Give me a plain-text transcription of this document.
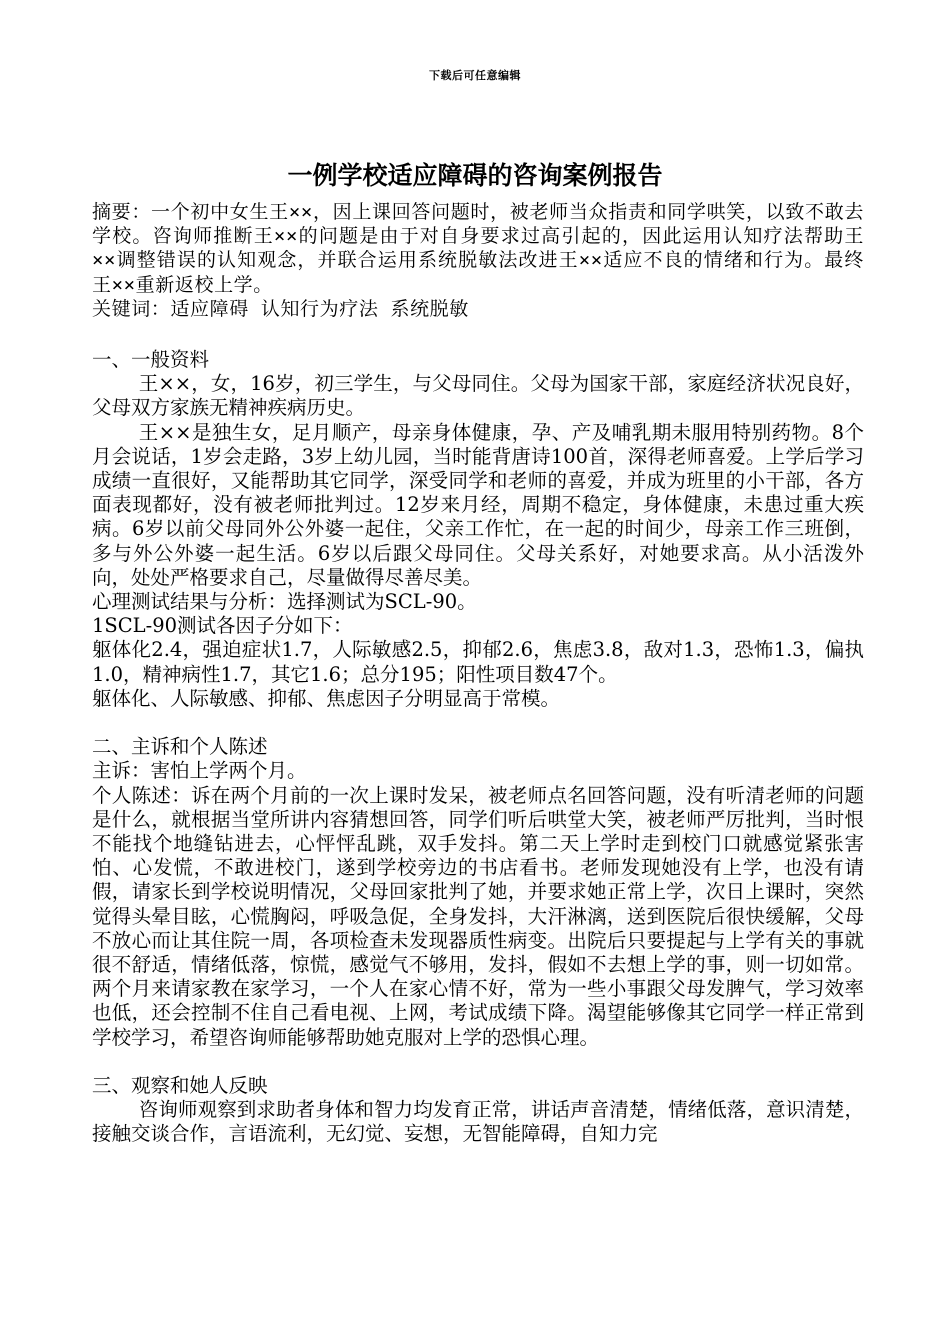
下载后可任意编辑
一例学校适应障碍的咨询案例报告

摘要：一个初中女生王××，因上课回答问题时，被老师当众指责和同学哄笑，以致不敢去学校。咨询师推断王××的问题是由于对自身要求过高引起的，因此运用认知疗法帮助王××调整错误的认知观念，并联合运用系统脱敏法改进王××适应不良的情绪和行为。最终王××重新返校上学。

关键词：适应障碍 认知行为疗法 系统脱敏

一、一般资料

王××，女，16岁，初三学生，与父母同住。父母为国家干部，家庭经济状况良好，父母双方家族无精神疾病历史。

王××是独生女，足月顺产，母亲身体健康，孕、产及哺乳期未服用特别药物。8个月会说话，1岁会走路，3岁上幼儿园，当时能背唐诗100首，深得老师喜爱。上学后学习成绩一直很好，又能帮助其它同学，深受同学和老师的喜爱，并成为班里的小干部，各方面表现都好，没有被老师批判过。12岁来月经，周期不稳定，身体健康，未患过重大疾病。6岁以前父母同外公外婆一起住，父亲工作忙，在一起的时间少，母亲工作三班倒，多与外公外婆一起生活。6岁以后跟父母同住。父母关系好，对她要求高。从小活泼外向，处处严格要求自己，尽量做得尽善尽美。

心理测试结果与分析：选择测试为SCL-90。

1SCL-90测试各因子分如下：

躯体化2.4，强迫症状1.7，人际敏感2.5，抑郁2.6，焦虑3.8，敌对1.3，恐怖1.3，偏执1.0，精神病性1.7，其它1.6；总分195；阳性项目数47个。

躯体化、人际敏感、抑郁、焦虑因子分明显高于常模。

二、主诉和个人陈述

主诉：害怕上学两个月。

个人陈述：诉在两个月前的一次上课时发呆，被老师点名回答问题，没有听清老师的问题是什么，就根据当堂所讲内容猜想回答，同学们听后哄堂大笑，被老师严厉批判，当时恨不能找个地缝钻进去，心怦怦乱跳，双手发抖。第二天上学时走到校门口就感觉紧张害怕、心发慌，不敢进校门，遂到学校旁边的书店看书。老师发现她没有上学，也没有请假，请家长到学校说明情况，父母回家批判了她，并要求她正常上学，次日上课时，突然觉得头晕目眩，心慌胸闷，呼吸急促，全身发抖，大汗淋漓，送到医院后很快缓解，父母不放心而让其住院一周，各项检查未发现器质性病变。出院后只要提起与上学有关的事就很不舒适，情绪低落，惊慌，感觉气不够用，发抖，假如不去想上学的事，则一切如常。两个月来请家教在家学习，一个人在家心情不好，常为一些小事跟父母发脾气，学习效率也低，还会控制不住自己看电视、上网，考试成绩下降。渴望能够像其它同学一样正常到学校学习，希望咨询师能够帮助她克服对上学的恐惧心理。

三、观察和她人反映

咨询师观察到求助者身体和智力均发育正常，讲话声音清楚，情绪低落，意识清楚，接触交谈合作，言语流利，无幻觉、妄想，无智能障碍，自知力完
